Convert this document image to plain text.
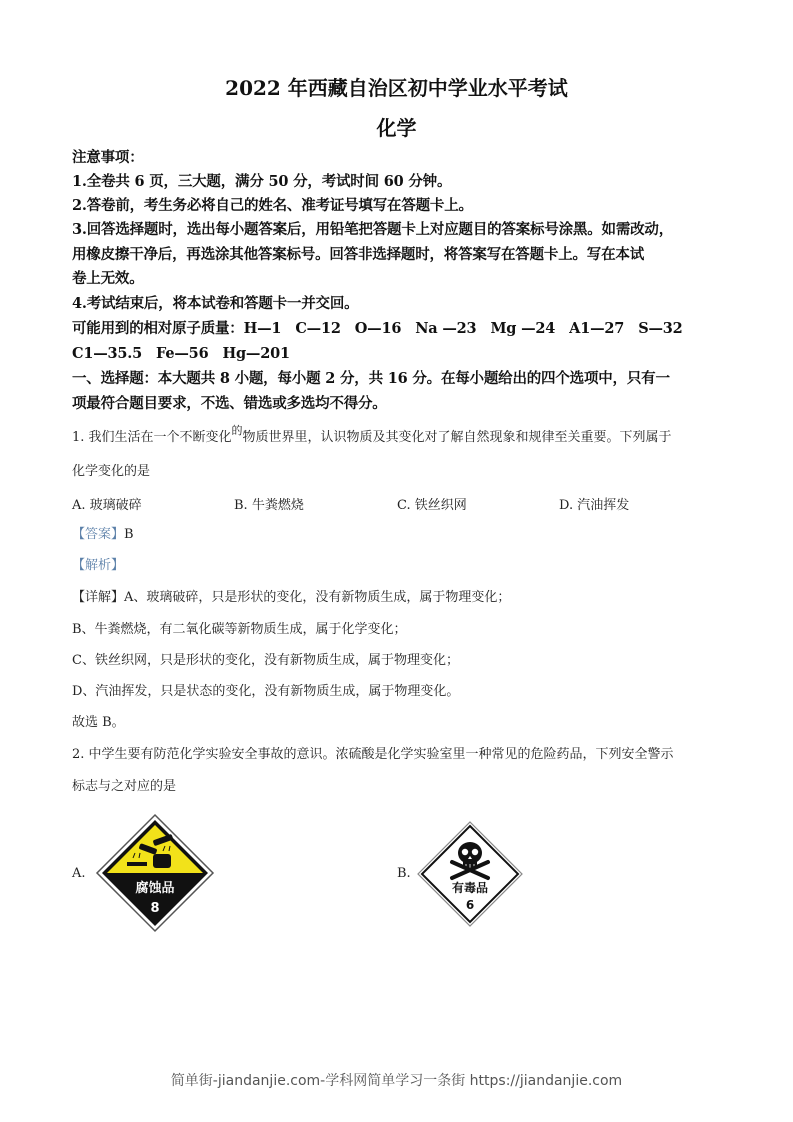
2022 年西藏自治区初中学业水平考试
化学
注意事项：
1.全卷共 6 页，三大题，满分 50 分，考试时间 60 分钟。
2.答卷前，考生务必将自己的姓名、准考证号填写在答题卡上。
3.回答选择题时，选出每小题答案后，用铅笔把答题卡上对应题目的答案标号涂黑。如需改动，
用橡皮擦干净后，再选涂其他答案标号。回答非选择题时，将答案写在答题卡上。写在本试
卷上无效。
4.考试结束后，将本试卷和答题卡一并交回。
可能用到的相对原子质量：H—1 C—12 O—16 Na —23 Mg —24 A1—27 S—32
C1—35.5 Fe—56 Hg—201
一、选择题：本大题共 8 小题，每小题 2 分，共 16 分。在每小题给出的四个选项中，只有一
项最符合题目要求，不选、错选或多选均不得分。
1. 我们生活在一个不断变化$^的$物质世界里，认识物质及其变化对了解自然现象和规律至关重要。下列属于
化学变化的是
A. 玻璃破碎	B. 牛粪燃烧	C. 铁丝织网	D. 汽油挥发
【答案】B
【解析】
【详解】A、玻璃破碎，只是形状的变化，没有新物质生成，属于物理变化；
B、牛粪燃烧，有二氧化碳等新物质生成，属于化学变化；
C、铁丝织网，只是形状的变化，没有新物质生成，属于物理变化；
D、汽油挥发，只是状态的变化，没有新物质生成，属于物理变化。
故选 B。
2. 中学生要有防范化学实验安全事故的意识。浓硫酸是化学实验室里一种常见的危险药品，下列安全警示
标志与之对应的是
A.
腐蚀品
8
B.
有毒品
6
简单街-jiandanjie.com-学科网简单学习一条街 https://jiandanjie.com
